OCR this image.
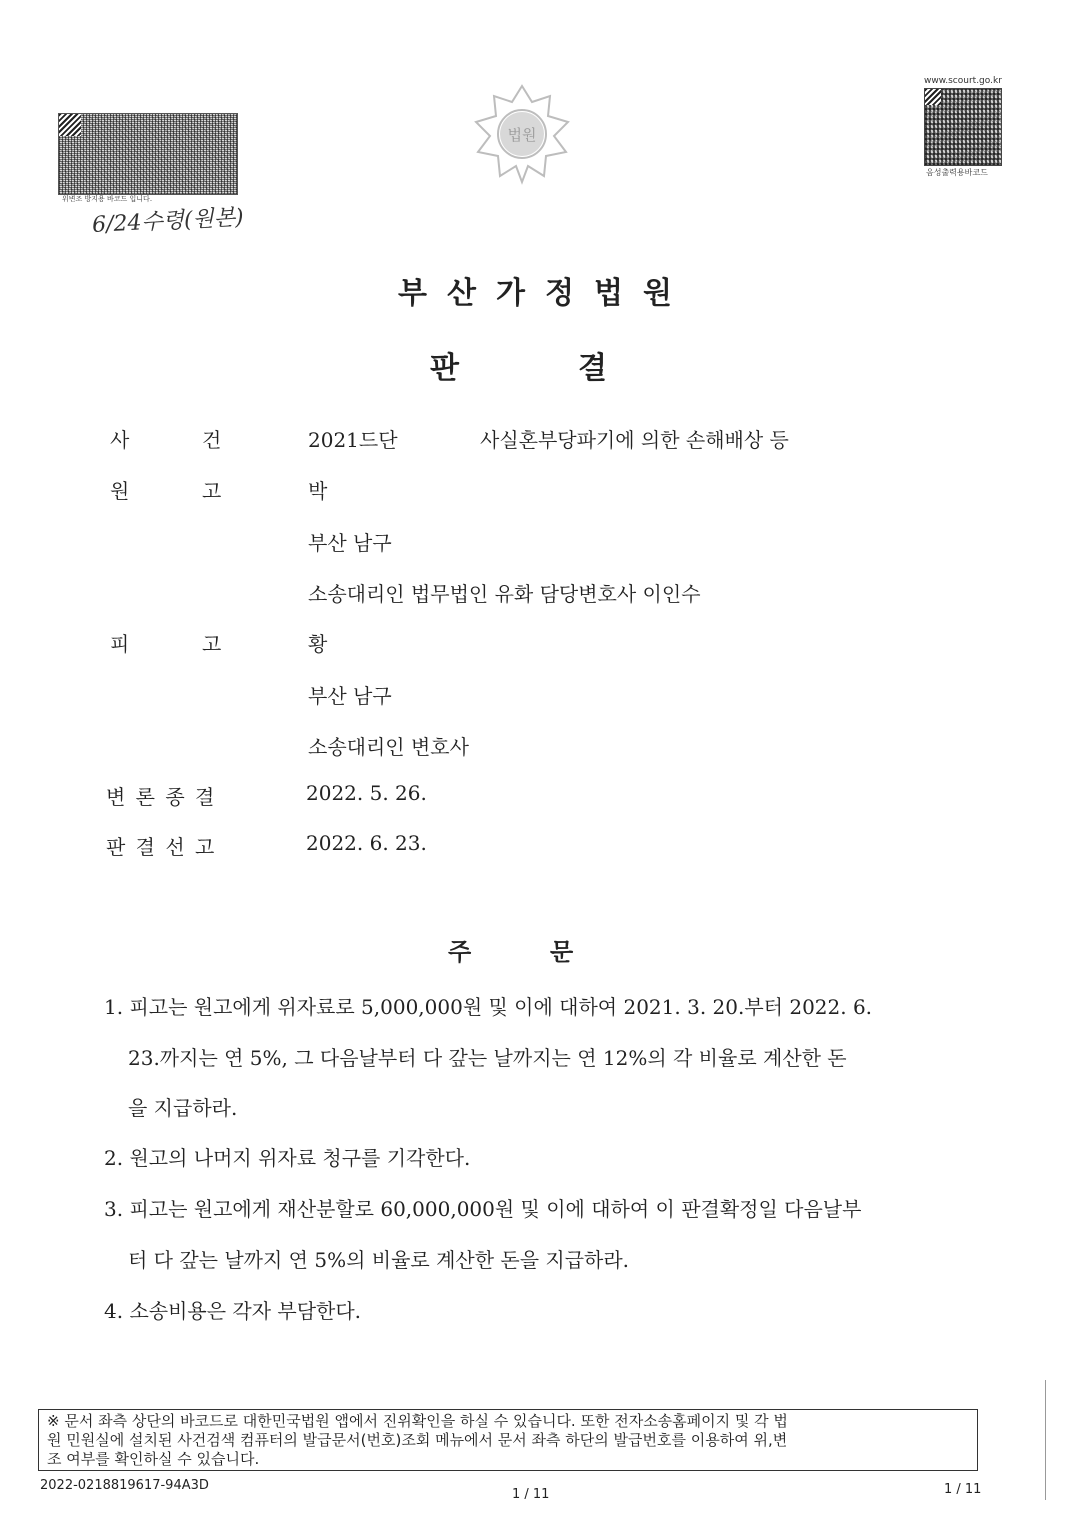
위변조 방지용 바코드 입니다.
6/24수령(원본)
법원
www.scourt.go.kr
음성출력용바코드
부산가정법원
판	결
사	건	2021드단	사실혼부당파기에 의한 손해배상 등
원	고	박
부산 남구
소송대리인 법무법인 유화 담당변호사 이인수
피	고	황
부산 남구
소송대리인 변호사
변 론 종 결	2022. 5. 26.
판 결 선 고	2022. 6. 23.
주	문
1. 피고는 원고에게 위자료로 5,000,000원 및 이에 대하여 2021. 3. 20.부터 2022. 6.
23.까지는 연 5%, 그 다음날부터 다 갚는 날까지는 연 12%의 각 비율로 계산한 돈
을 지급하라.
2. 원고의 나머지 위자료 청구를 기각한다.
3. 피고는 원고에게 재산분할로 60,000,000원 및 이에 대하여 이 판결확정일 다음날부
터 다 갚는 날까지 연 5%의 비율로 계산한 돈을 지급하라.
4. 소송비용은 각자 부담한다.
※ 문서 좌측 상단의 바코드로 대한민국법원 앱에서 진위확인을 하실 수 있습니다. 또한 전자소송홈페이지 및 각 법
원 민원실에 설치된 사건검색 컴퓨터의 발급문서(번호)조회 메뉴에서 문서 좌측 하단의 발급번호를 이용하여 위,변
조 여부를 확인하실 수 있습니다.
2022-0218819617-94A3D
1 / 11	1 / 11
